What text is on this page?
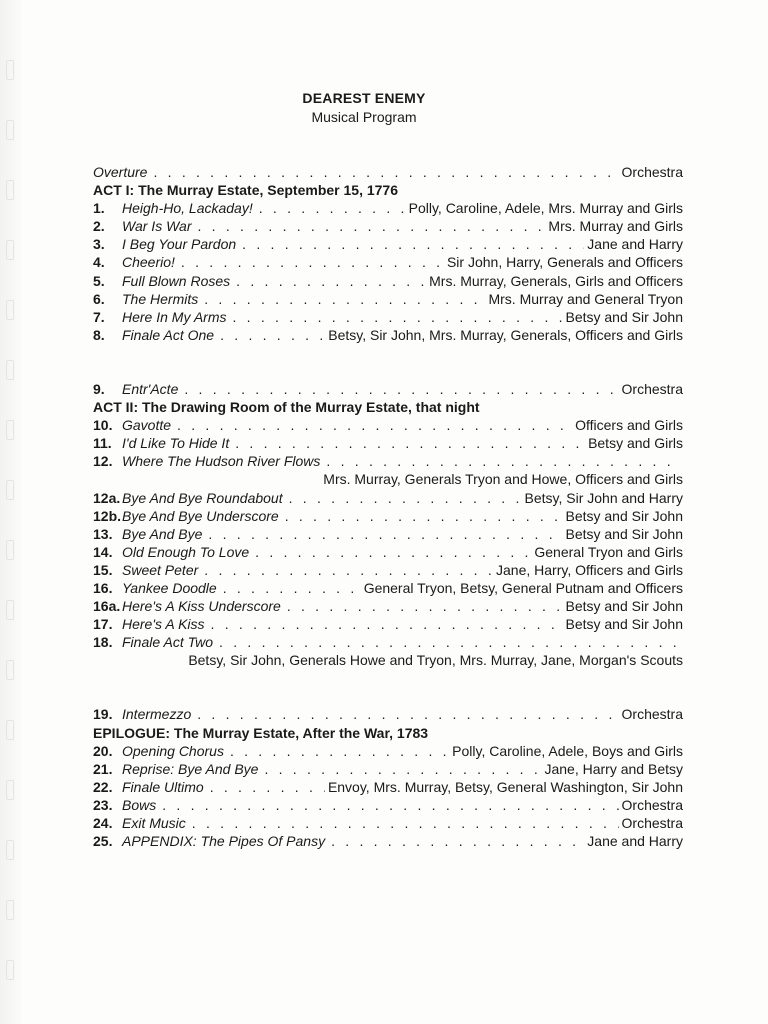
DEAREST ENEMY
Musical Program
Overture . . .	Orchestra
ACT I: The Murray Estate, September 15, 1776
1.	Heigh-Ho, Lackaday! . . .	Polly, Caroline, Adele, Mrs. Murray and Girls
2.	War Is War . . .	Mrs. Murray and Girls
3.	I Beg Your Pardon . . .	Jane and Harry
4.	Cheerio! . . .	Sir John, Harry, Generals and Officers
5.	Full Blown Roses . . .	Mrs. Murray, Generals, Girls and Officers
6.	The Hermits . . .	Mrs. Murray and General Tryon
7.	Here In My Arms . . .	Betsy and Sir John
8.	Finale Act One . . .	Betsy, Sir John, Mrs. Murray, Generals, Officers and Girls
9.	Entr'Acte . . .	Orchestra
ACT II: The Drawing Room of the Murray Estate, that night
10. Gavotte . . .	Officers and Girls
11. I'd Like To Hide It . . .	Betsy and Girls
12. Where The Hudson River Flows
. . .
Mrs. Murray, Generals Tryon and Howe, Officers and Girls
12a. Bye And Bye Roundabout . . .	Betsy, Sir John and Harry
12b. Bye And Bye Underscore . . .	Betsy and Sir John
13. Bye And Bye . . .	Betsy and Sir John
14. Old Enough To Love . . .	General Tryon and Girls
15. Sweet Peter . . .	Jane, Harry, Officers and Girls
16. Yankee Doodle . . .	General Tryon, Betsy, General Putnam and Officers
16a. Here's A Kiss Underscore . . .	Betsy and Sir John
17. Here's A Kiss . . .	Betsy and Sir John
18. Finale Act Two
. . .
Betsy, Sir John, Generals Howe and Tryon, Mrs. Murray, Jane, Morgan's Scouts
19. Intermezzo . . .	Orchestra
EPILOGUE: The Murray Estate, After the War, 1783
20. Opening Chorus . . .	Polly, Caroline, Adele, Boys and Girls
21. Reprise: Bye And Bye . . .	Jane, Harry and Betsy
22. Finale Ultimo . . .	Envoy, Mrs. Murray, Betsy, General Washington, Sir John
23. Bows . . .	Orchestra
24. Exit Music . . .	Orchestra
25. APPENDIX: The Pipes Of Pansy . . .	Jane and Harry
